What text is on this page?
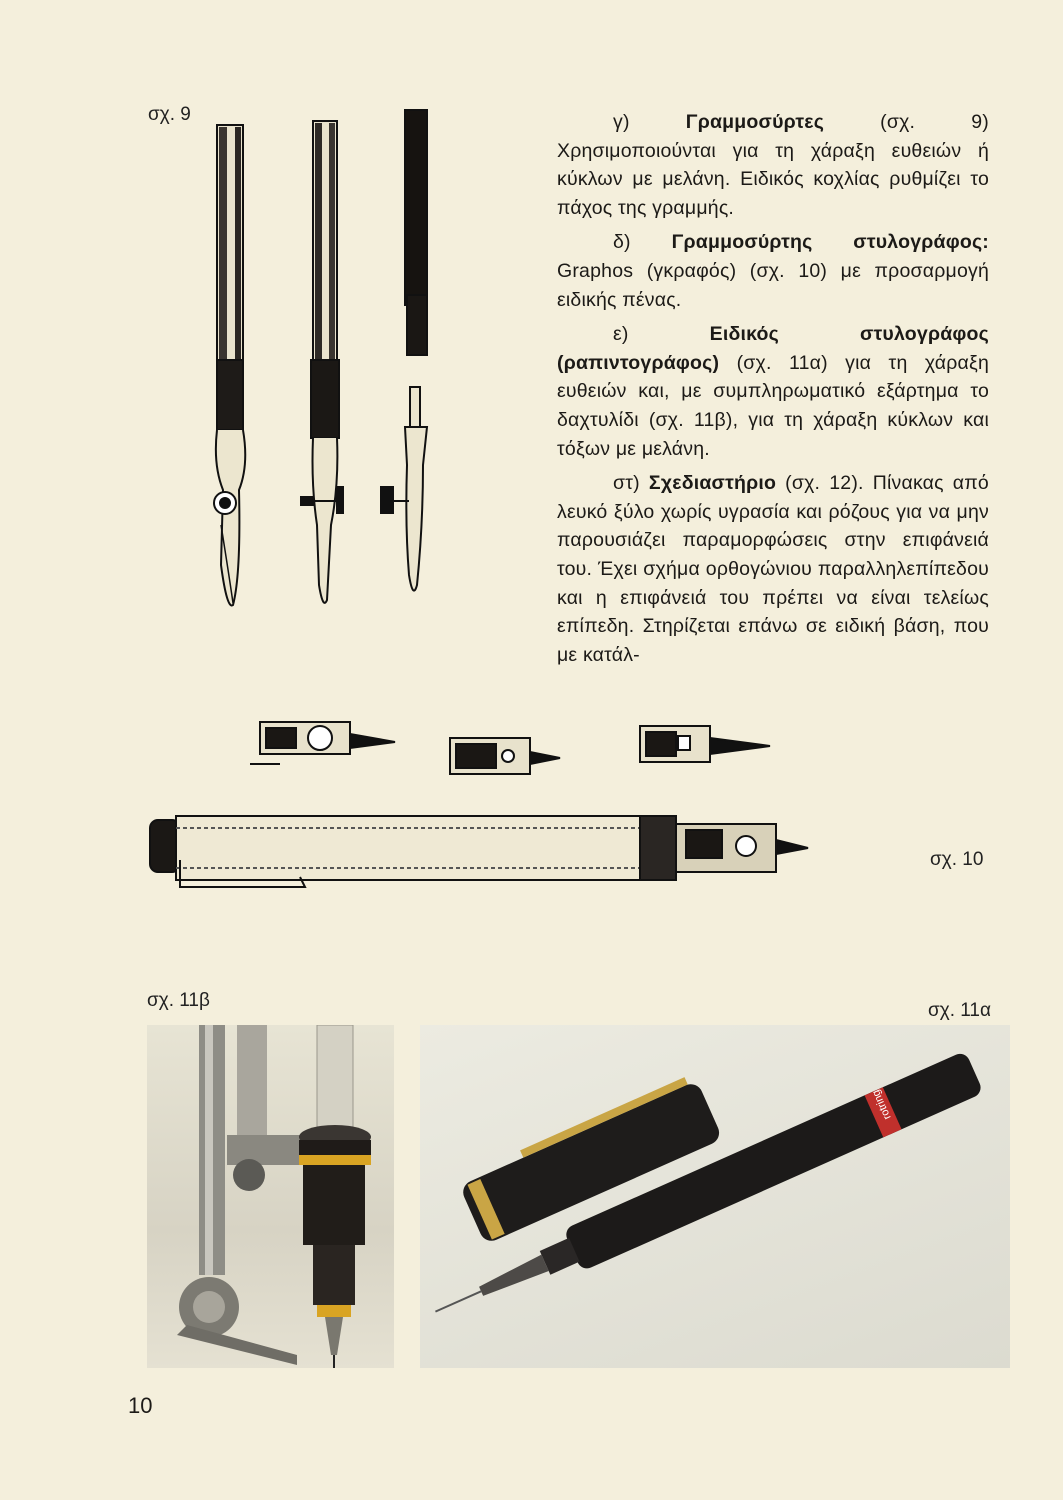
σχ. 9	γ)	Γραμμοσύρτες	(σχ. 9) Χρησιμοποιούνται για τη χάραξη ευθειών ή κύκλων με μελάνη. Ειδικός κοχλίας ρυθμίζει το πάχος της γραμμής.

δ) Γραμμοσύρτης στυλογράφος: Graphos (γκραφός) (σχ. 10) με προσαρμογή ειδικής πένας.

ε)	Ειδικός στυλογράφος (ραπιντογράφος) (σχ. 11α) για τη χάραξη ευθειών και, με συμπληρωματικό εξάρτημα το δαχτυλίδι (σχ. 11β), για τη χάραξη κύκλων και τόξων με μελάνη.

στ) Σχεδιαστήριο (σχ. 12). Πίνακας από λευκό ξύλο χωρίς υγρασία και ρόζους για να μην παρουσιάζει παραμορφώσεις στην επιφάνειά του. Έχει σχήμα ορθογώνιου παραλληλεπίπεδου και η επιφάνειά του πρέπει να είναι τελείως επίπεδη. Στηρίζεται επάνω σε ειδική βάση, που με κατάλ-

σχ. 10
σχ. 11β	σχ. 11α
rotring
10
